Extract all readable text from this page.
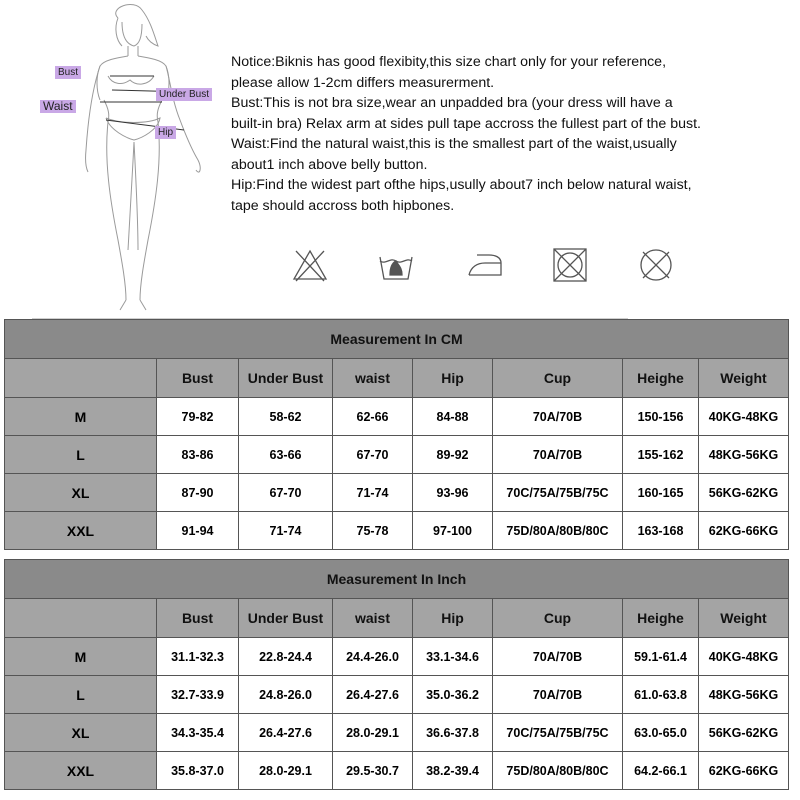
Bust
Under Bust
Waist
Hip

Notice:Biknis has good flexibity,this size chart only for your reference,

please allow 1-2cm differs measurerment.

Bust:This is not bra size,wear an unpadded bra (your dress will have a

built-in bra) Relax arm at sides pull tape accross the fullest part of the bust.

Waist:Find the natural waist,this is the smallest part of the waist,usually

about1 inch above belly button.

Hip:Find the widest part ofthe hips,usully about7 inch below natural waist,

tape should accross both hipbones.

Measurement In CM							
	Bust	Under Bust	waist	Hip	Cup	Heighe	Weight
M	79-82	58-62	62-66	84-88	70A/70B	150-156	40KG-48KG
L	83-86	63-66	67-70	89-92	70A/70B	155-162	48KG-56KG
XL	87-90	67-70	71-74	93-96	70C/75A/75B/75C	160-165	56KG-62KG
XXL	91-94	71-74	75-78	97-100	75D/80A/80B/80C	163-168	62KG-66KG
Measurement In Inch							
	Bust	Under Bust	waist	Hip	Cup	Heighe	Weight
M	31.1-32.3	22.8-24.4	24.4-26.0	33.1-34.6	70A/70B	59.1-61.4	40KG-48KG
L	32.7-33.9	24.8-26.0	26.4-27.6	35.0-36.2	70A/70B	61.0-63.8	48KG-56KG
XL	34.3-35.4	26.4-27.6	28.0-29.1	36.6-37.8	70C/75A/75B/75C	63.0-65.0	56KG-62KG
XXL	35.8-37.0	28.0-29.1	29.5-30.7	38.2-39.4	75D/80A/80B/80C	64.2-66.1	62KG-66KG
